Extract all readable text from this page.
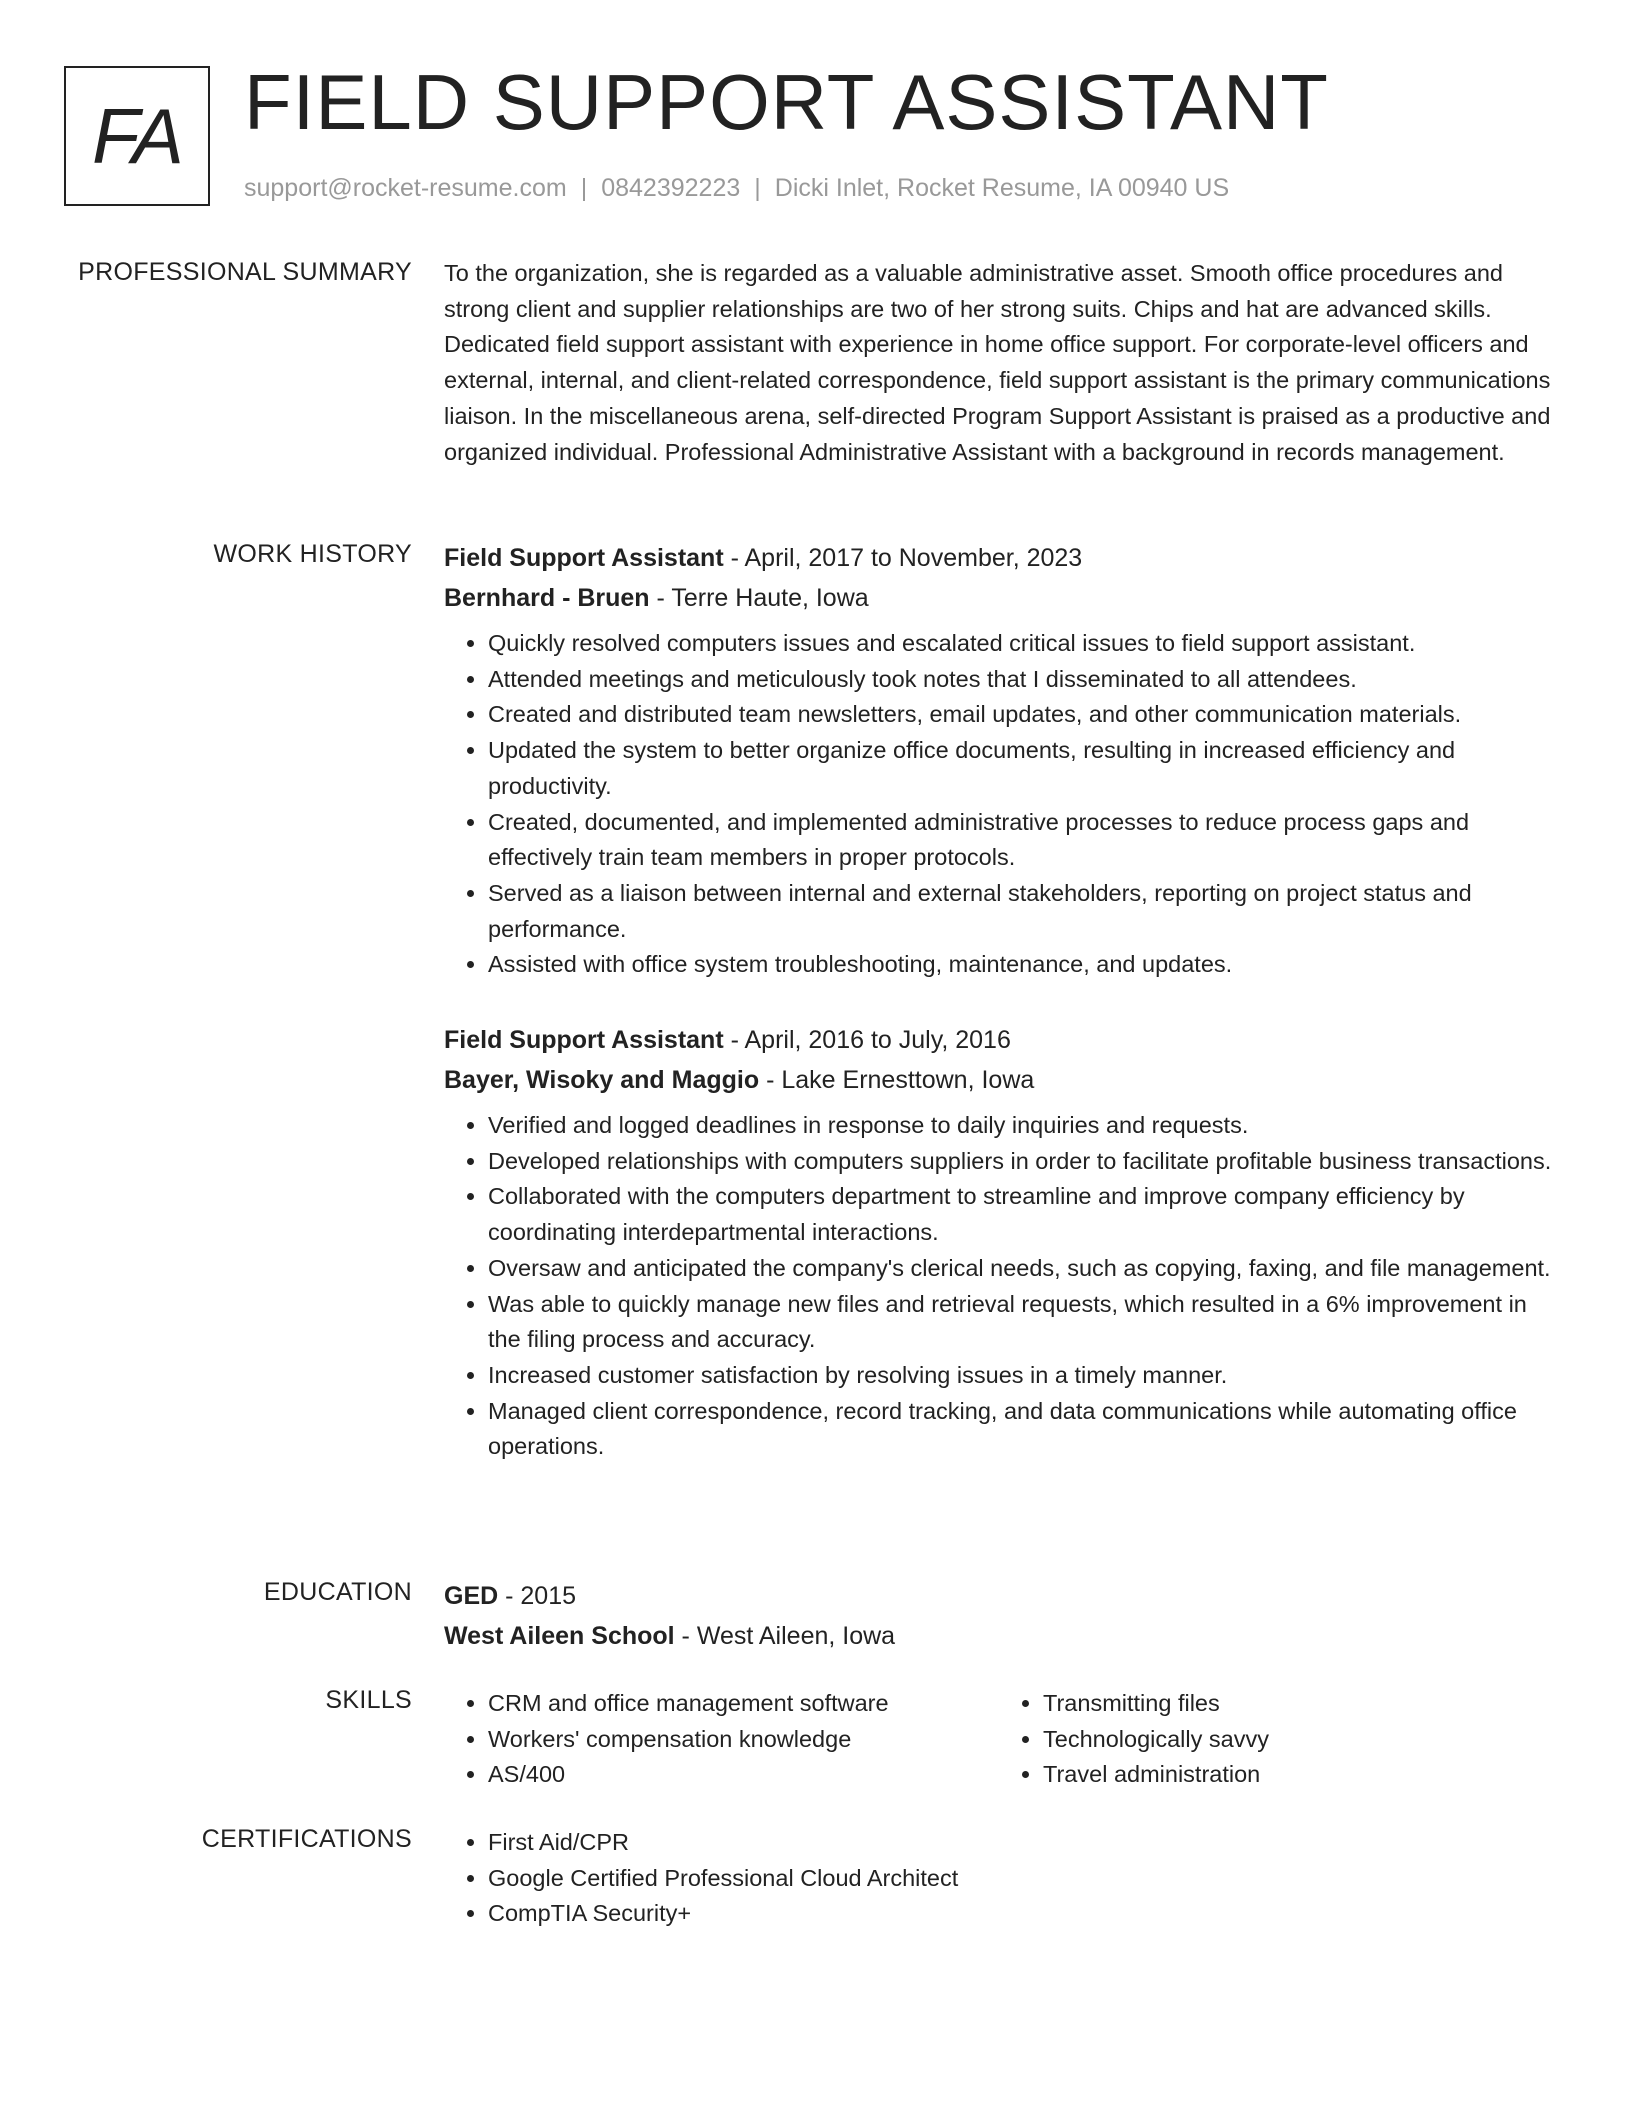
FA FIELD SUPPORT ASSISTANT
support@rocket-resume.com | 0842392223 | Dicki Inlet, Rocket Resume, IA 00940 US
PROFESSIONAL SUMMARY To the organization, she is regarded as a valuable administrative asset. Smooth office procedures and strong client and supplier relationships are two of her strong suits. Chips and hat are advanced skills. Dedicated field support assistant with experience in home office support. For corporate-level officers and external, internal, and client-related correspondence, field support assistant is the primary communications liaison. In the miscellaneous arena, self-directed Program Support Assistant is praised as a productive and organized individual. Professional Administrative Assistant with a background in records management.

WORK HISTORY Field Support Assistant - April, 2017 to November, 2023
Bernhard - Bruen - Terre Haute, Iowa
• Quickly resolved computers issues and escalated critical issues to field support assistant.
• Attended meetings and meticulously took notes that I disseminated to all attendees.
• Created and distributed team newsletters, email updates, and other communication materials.
• Updated the system to better organize office documents, resulting in increased efficiency and productivity.
• Created, documented, and implemented administrative processes to reduce process gaps and effectively train team members in proper protocols.
• Served as a liaison between internal and external stakeholders, reporting on project status and performance.
• Assisted with office system troubleshooting, maintenance, and updates.
Field Support Assistant - April, 2016 to July, 2016
Bayer, Wisoky and Maggio - Lake Ernesttown, Iowa
• Verified and logged deadlines in response to daily inquiries and requests.
• Developed relationships with computers suppliers in order to facilitate profitable business transactions.
• Collaborated with the computers department to streamline and improve company efficiency by coordinating interdepartmental interactions.
• Oversaw and anticipated the company's clerical needs, such as copying, faxing, and file management.
• Was able to quickly manage new files and retrieval requests, which resulted in a 6% improvement in the filing process and accuracy.
• Increased customer satisfaction by resolving issues in a timely manner.
• Managed client correspondence, record tracking, and data communications while automating office operations.
EDUCATION GED - 2015
West Aileen School - West Aileen, Iowa
SKILLS	• CRM and office management software
• Workers' compensation knowledge
• AS/400
• Transmitting files
• Technologically savvy
• Travel administration
CERTIFICATIONS	• First Aid/CPR
• Google Certified Professional Cloud Architect
• CompTIA Security+
